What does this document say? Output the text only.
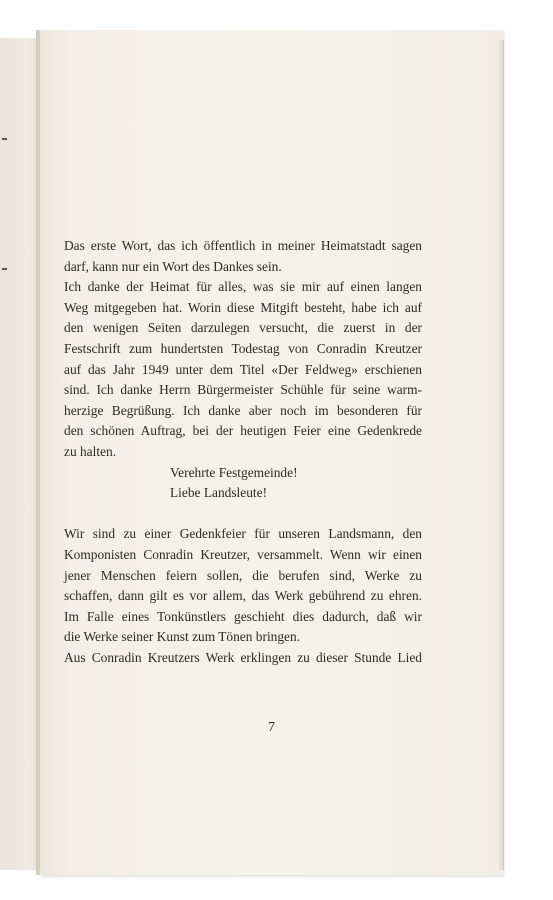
7

Das erste Wort, das ich öffentlich in meiner Heimatstadt sagen
darf, kann nur ein Wort des Dankes sein.

Ich danke der Heimat für alles, was sie mir auf einen langen
Weg mitgegeben hat. Worin diese Mitgift besteht, habe ich auf
den wenigen Seiten darzulegen versucht, die zuerst in der
Festschrift zum hundertsten Todestag von Conradin Kreutzer
auf das Jahr 1949 unter dem Titel «Der Feldweg» erschienen
sind. Ich danke Herrn Bürgermeister Schühle für seine warm-
herzige Begrüßung. Ich danke aber noch im besonderen für
den schönen Auftrag, bei der heutigen Feier eine Gedenkrede
zu halten.

Verehrte Festgemeinde!
Liebe Landsleute!

Wir sind zu einer Gedenkfeier für unseren Landsmann, den
Komponisten Conradin Kreutzer, versammelt. Wenn wir einen
jener Menschen feiern sollen, die berufen sind, Werke zu
schaffen, dann gilt es vor allem, das Werk gebührend zu ehren.
Im Falle eines Tonkünstlers geschieht dies dadurch, daß wir
die Werke seiner Kunst zum Tönen bringen.

Aus Conradin Kreutzers Werk erklingen zu dieser Stunde Lied
